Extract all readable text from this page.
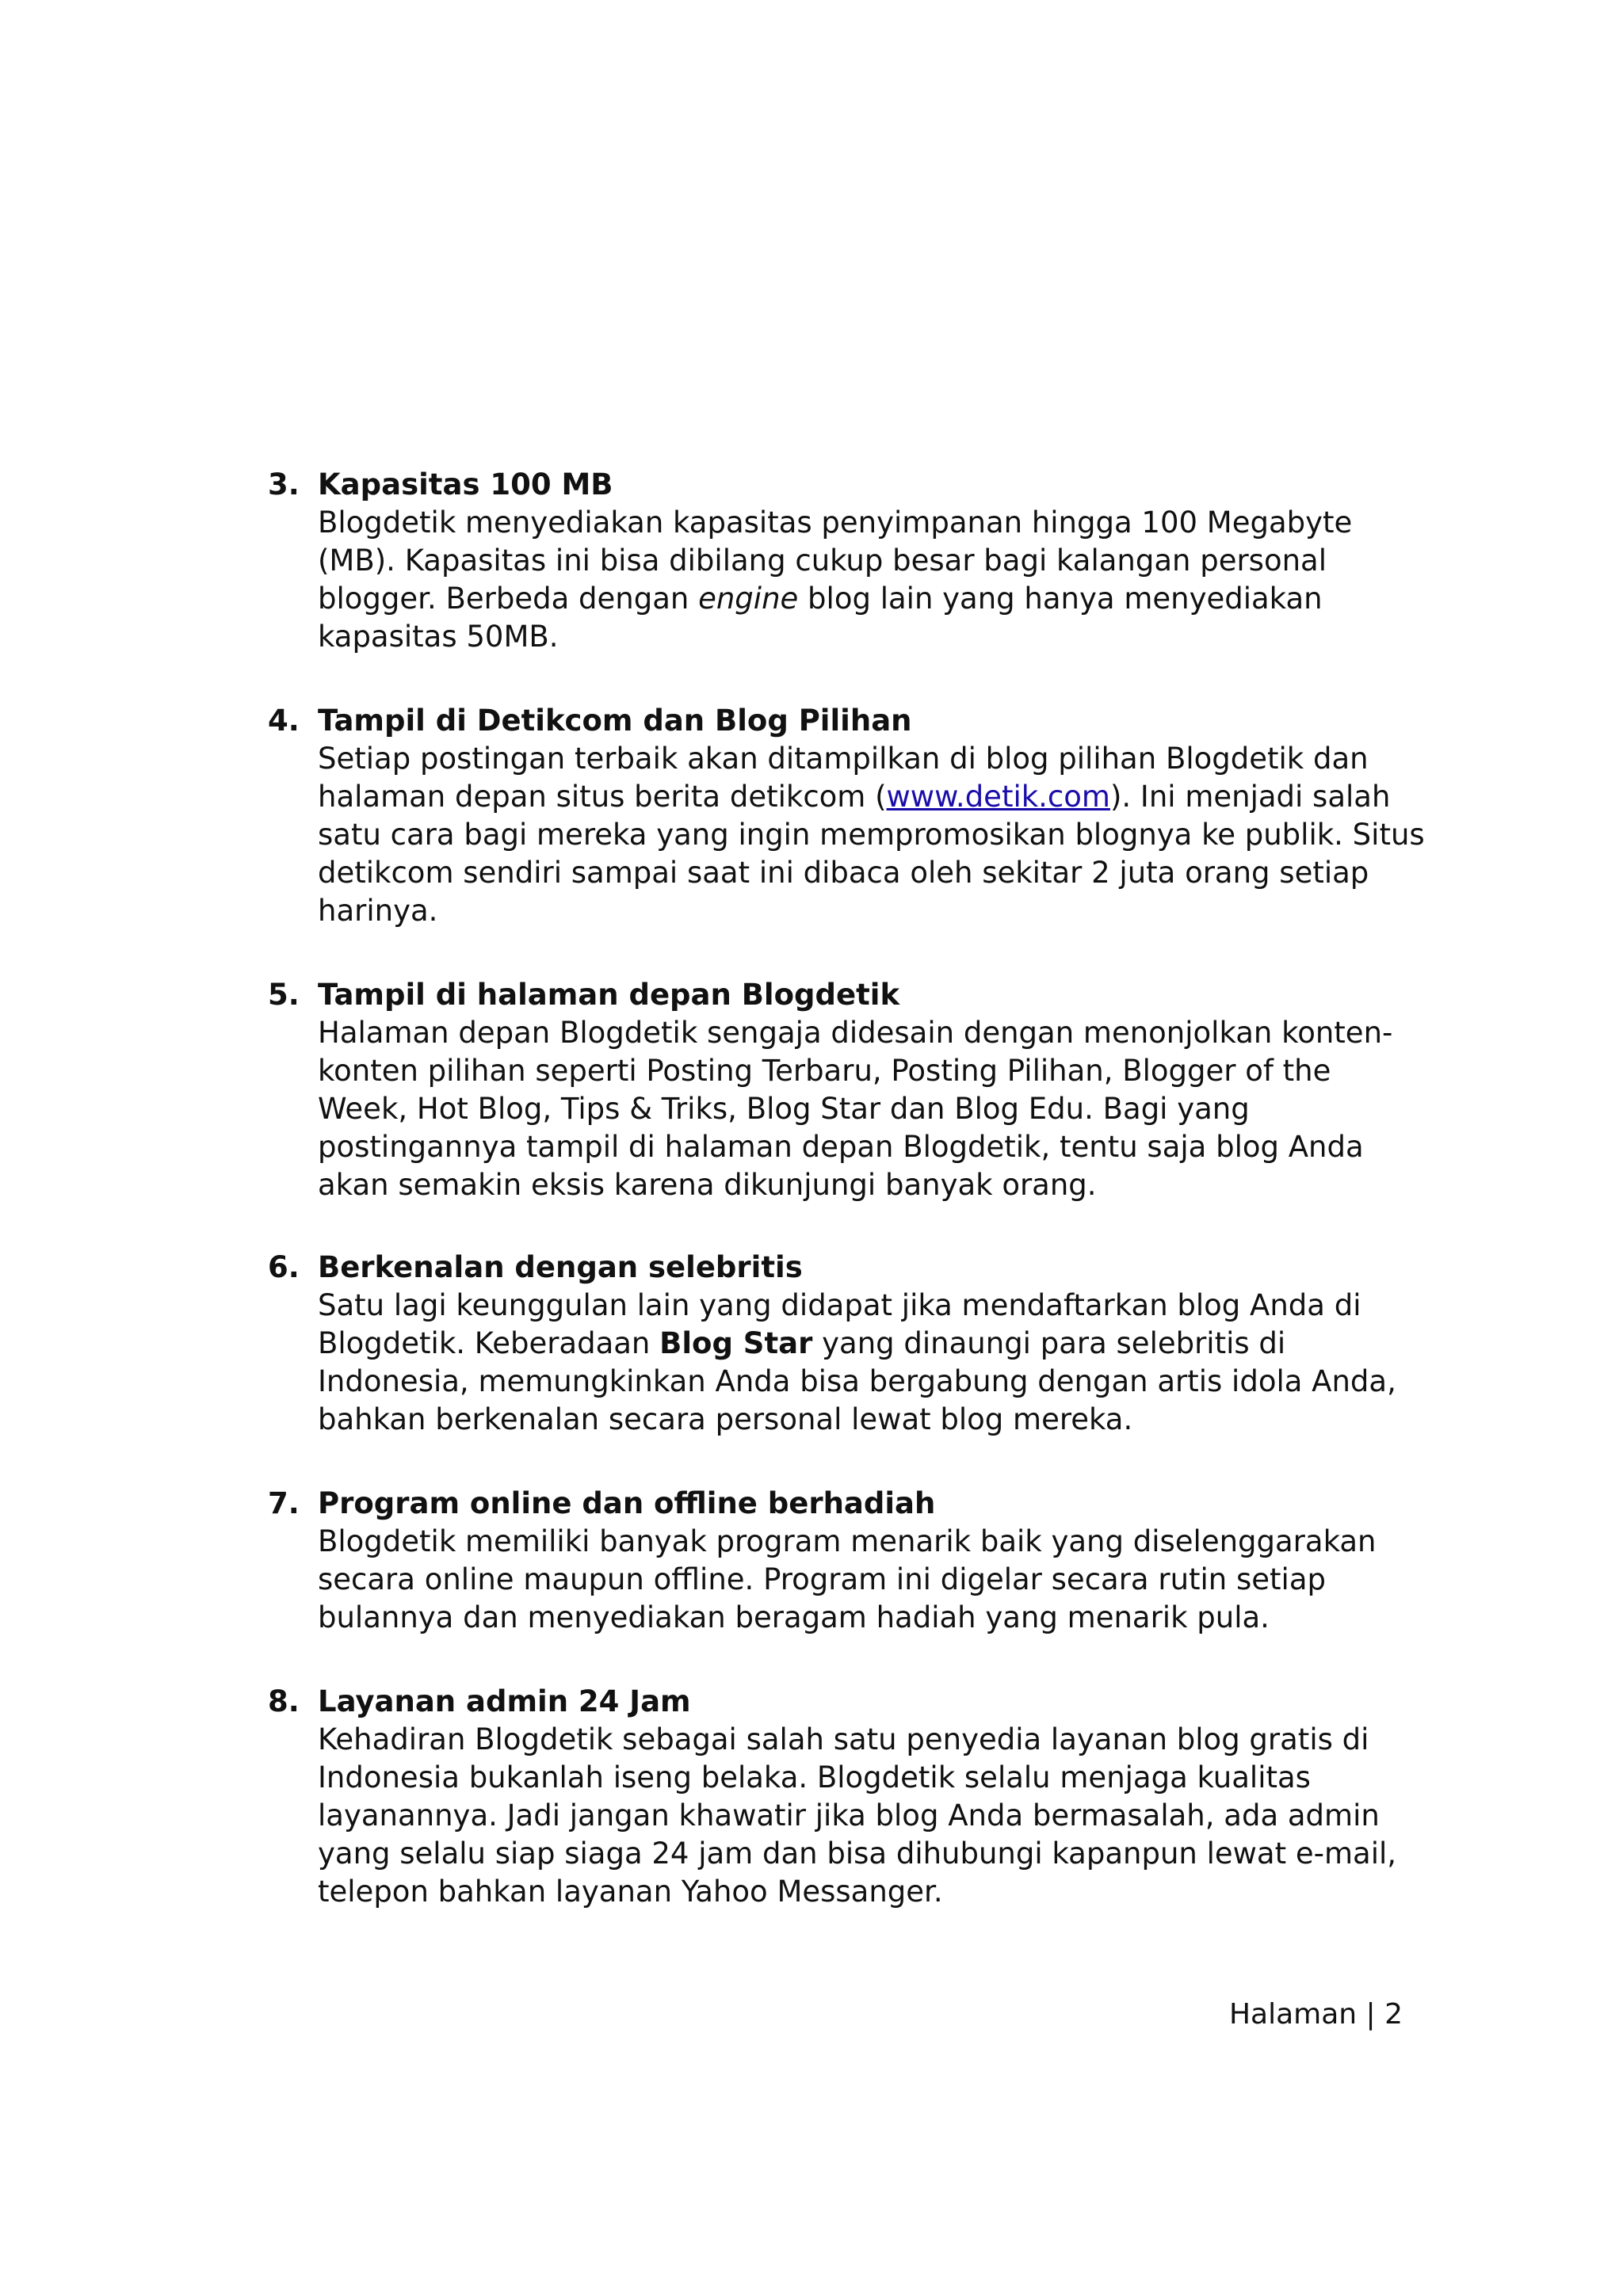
3. Kapasitas 100 MB
Blogdetik menyediakan kapasitas penyimpanan hingga 100 Megabyte
(MB). Kapasitas ini bisa dibilang cukup besar bagi kalangan personal
blogger. Berbeda dengan engine blog lain yang hanya menyediakan
kapasitas 50MB.
4. Tampil di Detikcom dan Blog Pilihan
Setiap postingan terbaik akan ditampilkan di blog pilihan Blogdetik dan
halaman depan situs berita detikcom (www.detik.com). Ini menjadi salah
satu cara bagi mereka yang ingin mempromosikan blognya ke publik. Situs
detikcom sendiri sampai saat ini dibaca oleh sekitar 2 juta orang setiap
harinya.
5. Tampil di halaman depan Blogdetik
Halaman depan Blogdetik sengaja didesain dengan menonjolkan konten-
konten pilihan seperti Posting Terbaru, Posting Pilihan, Blogger of the
Week, Hot Blog, Tips & Triks, Blog Star dan Blog Edu. Bagi yang
postingannya tampil di halaman depan Blogdetik, tentu saja blog Anda
akan semakin eksis karena dikunjungi banyak orang.
6. Berkenalan dengan selebritis
Satu lagi keunggulan lain yang didapat jika mendaftarkan blog Anda di
Blogdetik. Keberadaan Blog Star yang dinaungi para selebritis di
Indonesia, memungkinkan Anda bisa bergabung dengan artis idola Anda,
bahkan berkenalan secara personal lewat blog mereka.
7. Program online dan offline berhadiah
Blogdetik memiliki banyak program menarik baik yang diselenggarakan
secara online maupun offline. Program ini digelar secara rutin setiap
bulannya dan menyediakan beragam hadiah yang menarik pula.
8. Layanan admin 24 Jam
Kehadiran Blogdetik sebagai salah satu penyedia layanan blog gratis di
Indonesia bukanlah iseng belaka. Blogdetik selalu menjaga kualitas
layanannya. Jadi jangan khawatir jika blog Anda bermasalah, ada admin
yang selalu siap siaga 24 jam dan bisa dihubungi kapanpun lewat e-mail,
telepon bahkan layanan Yahoo Messanger.
Halaman | 2
